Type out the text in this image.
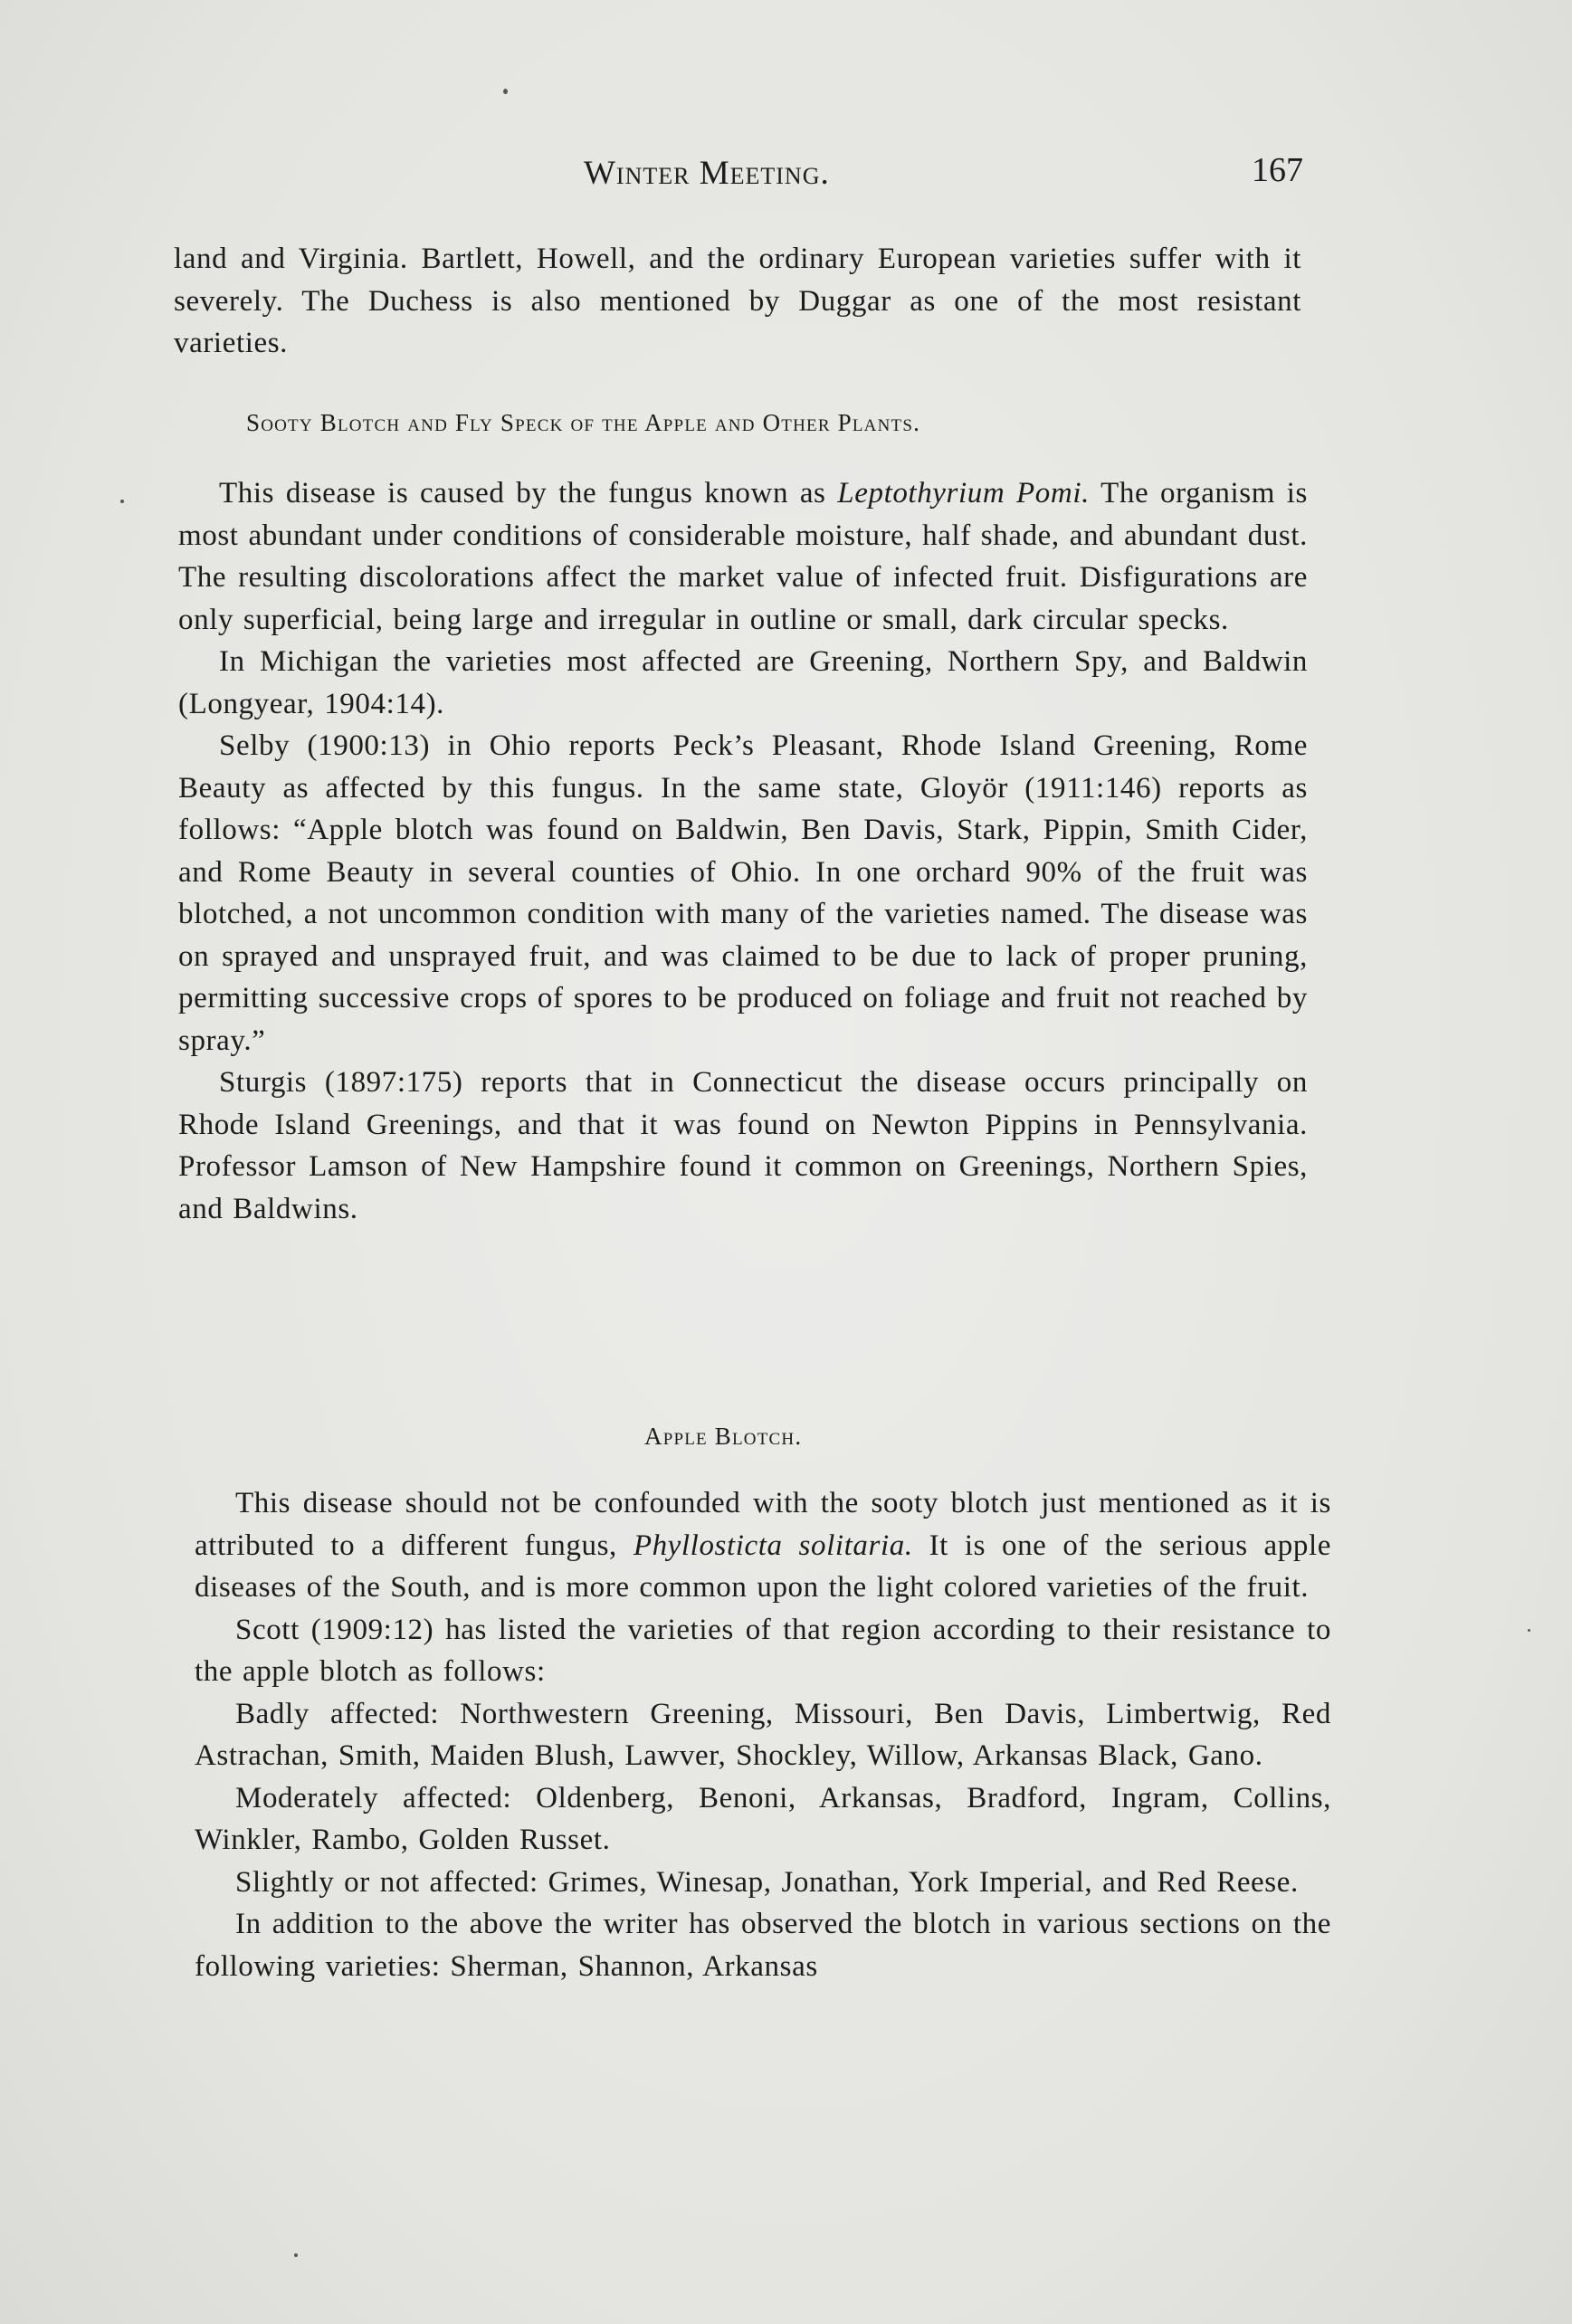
Winter Meeting.	167

land and Virginia. Bartlett, Howell, and the ordinary European varieties suffer with it severely. The Duchess is also mentioned by Duggar as one of the most resistant varieties.

Sooty Blotch and Fly Speck of the Apple and Other Plants.

This disease is caused by the fungus known as Leptothyrium Pomi. The organism is most abundant under conditions of considerable moisture, half shade, and abundant dust. The resulting discolorations affect the market value of infected fruit. Disfigurations are only superficial, being large and irregular in outline or small, dark circular specks.

In Michigan the varieties most affected are Greening, Northern Spy, and Baldwin (Longyear, 1904:14).

Selby (1900:13) in Ohio reports Peck’s Pleasant, Rhode Island Greening, Rome Beauty as affected by this fungus. In the same state, Gloyör (1911:146) reports as follows: “Apple blotch was found on Baldwin, Ben Davis, Stark, Pippin, Smith Cider, and Rome Beauty in several counties of Ohio. In one orchard 90% of the fruit was blotched, a not uncommon condition with many of the varieties named. The disease was on sprayed and unsprayed fruit, and was claimed to be due to lack of proper pruning, permitting successive crops of spores to be produced on foliage and fruit not reached by spray.”

Sturgis (1897:175) reports that in Connecticut the disease occurs principally on Rhode Island Greenings, and that it was found on Newton Pippins in Pennsylvania. Professor Lamson of New Hampshire found it common on Greenings, Northern Spies, and Baldwins.

Apple Blotch.

This disease should not be confounded with the sooty blotch just mentioned as it is attributed to a different fungus, Phyllosticta solitaria. It is one of the serious apple diseases of the South, and is more common upon the light colored varieties of the fruit.

Scott (1909:12) has listed the varieties of that region according to their resistance to the apple blotch as follows:

Badly affected: Northwestern Greening, Missouri, Ben Davis, Limbertwig, Red Astrachan, Smith, Maiden Blush, Lawver, Shockley, Willow, Arkansas Black, Gano.

Moderately affected: Oldenberg, Benoni, Arkansas, Bradford, Ingram, Collins, Winkler, Rambo, Golden Russet.

Slightly or not affected: Grimes, Winesap, Jonathan, York Imperial, and Red Reese.

In addition to the above the writer has observed the blotch in various sections on the following varieties: Sherman, Shannon, Arkansas
